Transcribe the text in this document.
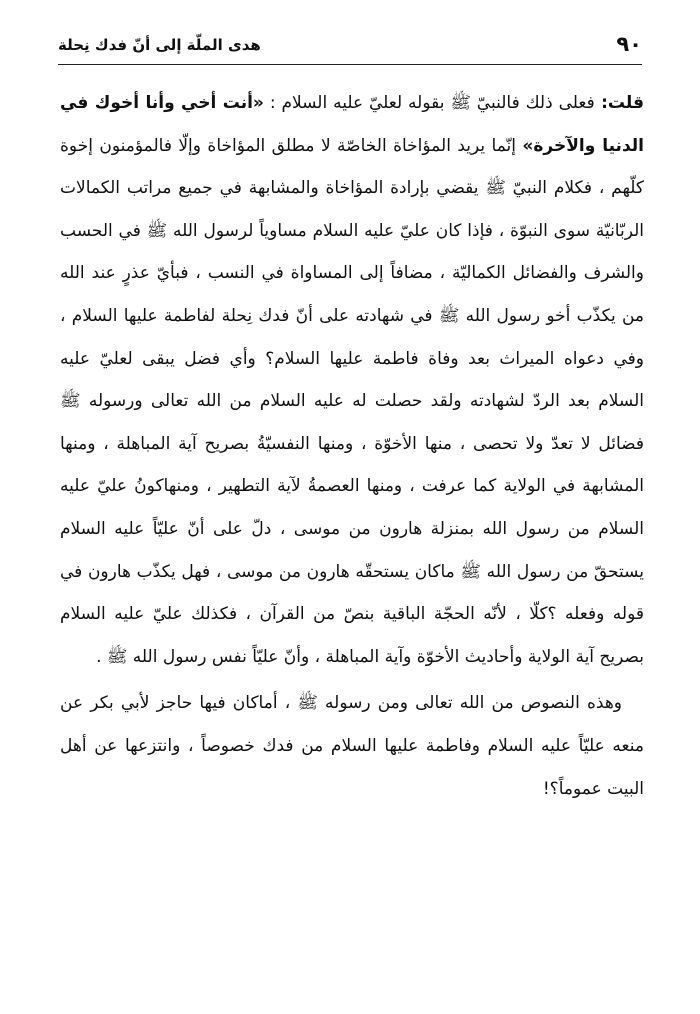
٩٠
هدى الملّة إلى أنّ فدك نِحلة

قلت: فعلى ذلك فالنبيّ ﷺ بقوله لعليّ عليه السلام : «أنت أخي وأنا أخوك في الدنيا والآخرة» إنّما يريد المؤاخاة الخاصّة لا مطلق المؤاخاة وإلّا فالمؤمنون إخوة كلّهم ، فكلام النبيّ ﷺ يقضي بإرادة المؤاخاة والمشابهة في جميع مراتب الكمالات الربّانيّة سوى النبوّة ، فإذا كان عليّ عليه السلام مساوياً لرسول الله ﷺ في الحسب والشرف والفضائل الكماليّة ، مضافاً إلى المساواة في النسب ، فبأيّ عذرٍ عند الله من يكذّب أخو رسول الله ﷺ في شهادته على أنّ فدك نِحلة لفاطمة عليها السلام ، وفي دعواه الميراث بعد وفاة فاطمة عليها السلام؟ وأي فضل يبقى لعليّ عليه السلام بعد الردّ لشهادته ولقد حصلت له عليه السلام من الله تعالى ورسوله ﷺ فضائل لا تعدّ ولا تحصى ، منها الأخوّة ، ومنها النفسيّةُ بصريح آية المباهلة ، ومنها المشابهة في الولاية كما عرفت ، ومنها العصمةُ لآية التطهير ، ومنهاكونُ عليّ عليه السلام من رسول الله بمنزلة هارون من موسى ، دلّ على أنّ عليّاً عليه السلام يستحقّ من رسول الله ﷺ ماكان يستحقّه هارون من موسى ، فهل يكذّب هارون في قوله وفعله ؟كلّا ، لأنّه الحجّة الباقية بنصّ من القرآن ، فكذلك عليّ عليه السلام بصريح آية الولاية وأحاديث الأخوّة وآية المباهلة ، وأنّ عليّاً نفس رسول الله ﷺ .

وهذه النصوص من الله تعالى ومن رسوله ﷺ ، أماكان فيها حاجز لأبي بكر عن منعه عليّاً عليه السلام وفاطمة عليها السلام من فدك خصوصاً ، وانتزعها عن أهل البيت عموماً؟!
